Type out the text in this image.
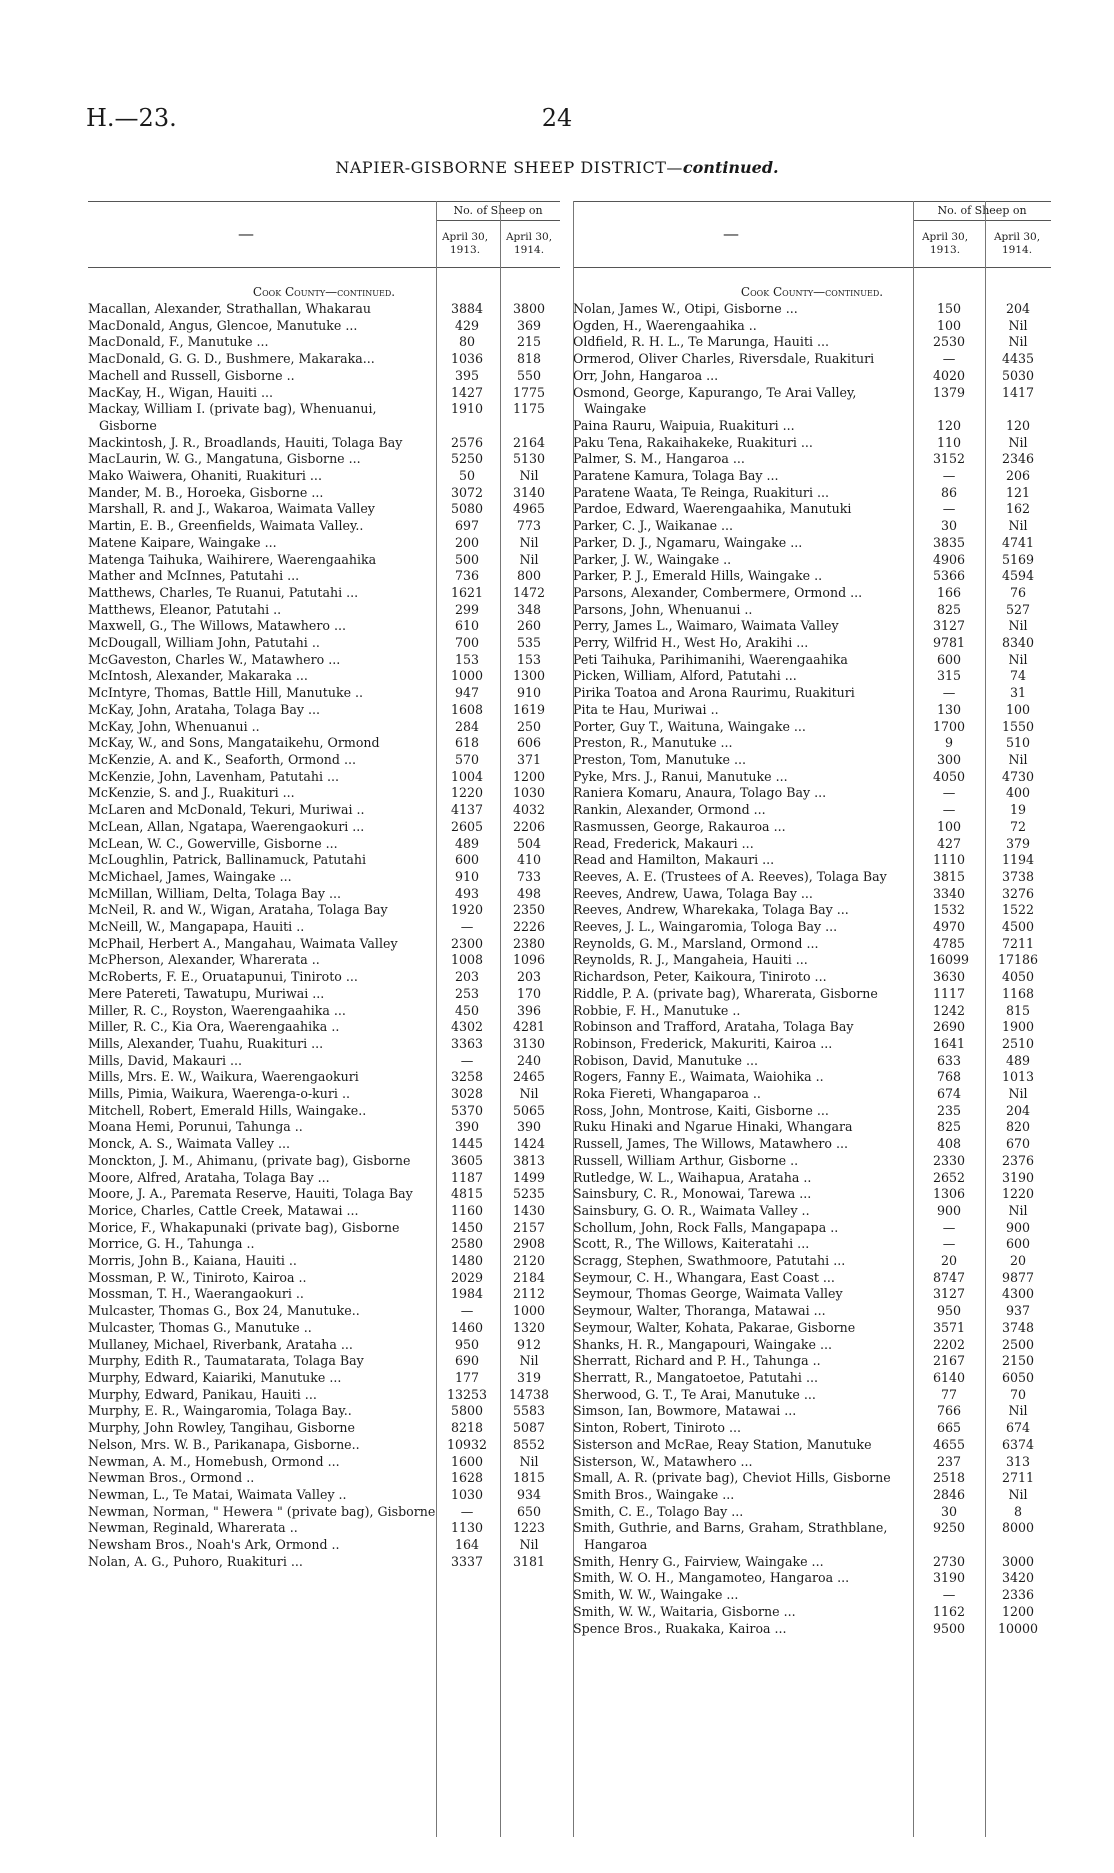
H.—23.	24
NAPIER-GISBORNE SHEEP DISTRICT—continued.
—
No. of Sheep on
April 30, 1913.
April 30, 1914.
Cook County—continued.
Macallan, Alexander, Strathallan, Whakarau	3884	3800
MacDonald, Angus, Glencoe, Manutuke ...	429	369
MacDonald, F., Manutuke ...	80	215
MacDonald, G. G. D., Bushmere, Makaraka...	1036	818
Machell and Russell, Gisborne ..	395	550
MacKay, H., Wigan, Hauiti ...	1427	1775
Mackay, William I. (private bag), Whenuanui, Gisborne
1910	1175
Mackintosh, J. R., Broadlands, Hauiti, Tolaga Bay	2576	2164
MacLaurin, W. G., Mangatuna, Gisborne ...	5250	5130
Mako Waiwera, Ohaniti, Ruakituri ...	50	Nil
Mander, M. B., Horoeka, Gisborne ...	3072	3140
Marshall, R. and J., Wakaroa, Waimata Valley	5080	4965
Martin, E. B., Greenfields, Waimata Valley..	697	773
Matene Kaipare, Waingake ...	200	Nil
Matenga Taihuka, Waihirere, Waerengaahika	500	Nil
Mather and McInnes, Patutahi ...	736	800
Matthews, Charles, Te Ruanui, Patutahi ...	1621	1472
Matthews, Eleanor, Patutahi ..	299	348
Maxwell, G., The Willows, Matawhero ...	610	260
McDougall, William John, Patutahi ..	700	535
McGaveston, Charles W., Matawhero ...	153	153
McIntosh, Alexander, Makaraka ...	1000	1300
McIntyre, Thomas, Battle Hill, Manutuke ..	947	910
McKay, John, Arataha, Tolaga Bay ...	1608	1619
McKay, John, Whenuanui ..	284	250
McKay, W., and Sons, Mangataikehu, Ormond	618	606
McKenzie, A. and K., Seaforth, Ormond ...	570	371
McKenzie, John, Lavenham, Patutahi ...	1004	1200
McKenzie, S. and J., Ruakituri ...	1220	1030
McLaren and McDonald, Tekuri, Muriwai ..	4137	4032
McLean, Allan, Ngatapa, Waerengaokuri ...	2605	2206
McLean, W. C., Gowerville, Gisborne ...	489	504
McLoughlin, Patrick, Ballinamuck, Patutahi	600	410
McMichael, James, Waingake ...	910	733
McMillan, William, Delta, Tolaga Bay ...	493	498
McNeil, R. and W., Wigan, Arataha, Tolaga Bay	1920	2350
McNeill, W., Mangapapa, Hauiti ..	—	2226
McPhail, Herbert A., Mangahau, Waimata Valley	2300	2380
McPherson, Alexander, Wharerata ..	1008	1096
McRoberts, F. E., Oruatapunui, Tiniroto ...	203	203
Mere Patereti, Tawatupu, Muriwai ...	253	170
Miller, R. C., Royston, Waerengaahika ...	450	396
Miller, R. C., Kia Ora, Waerengaahika ..	4302	4281
Mills, Alexander, Tuahu, Ruakituri ...	3363	3130
Mills, David, Makauri ...	—	240
Mills, Mrs. E. W., Waikura, Waerengaokuri	3258	2465
Mills, Pimia, Waikura, Waerenga-o-kuri ..	3028	Nil
Mitchell, Robert, Emerald Hills, Waingake..	5370	5065
Moana Hemi, Porunui, Tahunga ..	390	390
Monck, A. S., Waimata Valley ...	1445	1424
Monckton, J. M., Ahimanu, (private bag), Gisborne	3605	3813
Moore, Alfred, Arataha, Tolaga Bay ...	1187	1499
Moore, J. A., Paremata Reserve, Hauiti, Tolaga Bay	4815	5235
Morice, Charles, Cattle Creek, Matawai ...	1160	1430
Morice, F., Whakapunaki (private bag), Gisborne	1450	2157
Morrice, G. H., Tahunga ..	2580	2908
Morris, John B., Kaiana, Hauiti ..	1480	2120
Mossman, P. W., Tiniroto, Kairoa ..	2029	2184
Mossman, T. H., Waerangaokuri ..	1984	2112
Mulcaster, Thomas G., Box 24, Manutuke..	—	1000
Mulcaster, Thomas G., Manutuke ..	1460	1320
Mullaney, Michael, Riverbank, Arataha ...	950	912
Murphy, Edith R., Taumatarata, Tolaga Bay	690	Nil
Murphy, Edward, Kaiariki, Manutuke ...	177	319
Murphy, Edward, Panikau, Hauiti ...	13253	14738
Murphy, E. R., Waingaromia, Tolaga Bay..	5800	5583
Murphy, John Rowley, Tangihau, Gisborne	8218	5087
Nelson, Mrs. W. B., Parikanapa, Gisborne..	10932	8552
Newman, A. M., Homebush, Ormond ...	1600	Nil
Newman Bros., Ormond ..	1628	1815
Newman, L., Te Matai, Waimata Valley ..	1030	934
Newman, Norman, " Hewera " (private bag), Gisborne	—	650
Newman, Reginald, Wharerata ..	1130	1223
Newsham Bros., Noah's Ark, Ormond ..	164	Nil
Nolan, A. G., Puhoro, Ruakituri ...	3337	3181
—
No. of Sheep on
April 30, 1913.
April 30, 1914.
Cook County—continued.
Nolan, James W., Otipi, Gisborne ...	150	204
Ogden, H., Waerengaahika ..	100	Nil
Oldfield, R. H. L., Te Marunga, Hauiti ...	2530	Nil
Ormerod, Oliver Charles, Riversdale, Ruakituri	—	4435
Orr, John, Hangaroa ...	4020	5030
Osmond, George, Kapurango, Te Arai Valley, Waingake
1379	1417
Paina Rauru, Waipuia, Ruakituri ...	120	120
Paku Tena, Rakaihakeke, Ruakituri ...	110	Nil
Palmer, S. M., Hangaroa ...	3152	2346
Paratene Kamura, Tolaga Bay ...	—	206
Paratene Waata, Te Reinga, Ruakituri ...	86	121
Pardoe, Edward, Waerengaahika, Manutuki	—	162
Parker, C. J., Waikanae ...	30	Nil
Parker, D. J., Ngamaru, Waingake ...	3835	4741
Parker, J. W., Waingake ..	4906	5169
Parker, P. J., Emerald Hills, Waingake ..	5366	4594
Parsons, Alexander, Combermere, Ormond ...	166	76
Parsons, John, Whenuanui ..	825	527
Perry, James L., Waimaro, Waimata Valley	3127	Nil
Perry, Wilfrid H., West Ho, Arakihi ...	9781	8340
Peti Taihuka, Parihimanihi, Waerengaahika	600	Nil
Picken, William, Alford, Patutahi ...	315	74
Pirika Toatoa and Arona Raurimu, Ruakituri	—	31
Pita te Hau, Muriwai ..	130	100
Porter, Guy T., Waituna, Waingake ...	1700	1550
Preston, R., Manutuke ...	9	510
Preston, Tom, Manutuke ...	300	Nil
Pyke, Mrs. J., Ranui, Manutuke ...	4050	4730
Raniera Komaru, Anaura, Tolago Bay ...	—	400
Rankin, Alexander, Ormond ...	—	19
Rasmussen, George, Rakauroa ...	100	72
Read, Frederick, Makauri ...	427	379
Read and Hamilton, Makauri ...	1110	1194
Reeves, A. E. (Trustees of A. Reeves), Tolaga Bay	3815	3738
Reeves, Andrew, Uawa, Tolaga Bay ...	3340	3276
Reeves, Andrew, Wharekaka, Tolaga Bay ...	1532	1522
Reeves, J. L., Waingaromia, Tologa Bay ...	4970	4500
Reynolds, G. M., Marsland, Ormond ...	4785	7211
Reynolds, R. J., Mangaheia, Hauiti ...	16099	17186
Richardson, Peter, Kaikoura, Tiniroto ...	3630	4050
Riddle, P. A. (private bag), Wharerata, Gisborne	1117	1168
Robbie, F. H., Manutuke ..	1242	815
Robinson and Trafford, Arataha, Tolaga Bay	2690	1900
Robinson, Frederick, Makuriti, Kairoa ...	1641	2510
Robison, David, Manutuke ...	633	489
Rogers, Fanny E., Waimata, Waiohika ..	768	1013
Roka Fiereti, Whangaparoa ..	674	Nil
Ross, John, Montrose, Kaiti, Gisborne ...	235	204
Ruku Hinaki and Ngarue Hinaki, Whangara	825	820
Russell, James, The Willows, Matawhero ...	408	670
Russell, William Arthur, Gisborne ..	2330	2376
Rutledge, W. L., Waihapua, Arataha ..	2652	3190
Sainsbury, C. R., Monowai, Tarewa ...	1306	1220
Sainsbury, G. O. R., Waimata Valley ..	900	Nil
Schollum, John, Rock Falls, Mangapapa ..	—	900
Scott, R., The Willows, Kaiteratahi ...	—	600
Scragg, Stephen, Swathmoore, Patutahi ...	20	20
Seymour, C. H., Whangara, East Coast ...	8747	9877
Seymour, Thomas George, Waimata Valley	3127	4300
Seymour, Walter, Thoranga, Matawai ...	950	937
Seymour, Walter, Kohata, Pakarae, Gisborne	3571	3748
Shanks, H. R., Mangapouri, Waingake ...	2202	2500
Sherratt, Richard and P. H., Tahunga ..	2167	2150
Sherratt, R., Mangatoetoe, Patutahi ...	6140	6050
Sherwood, G. T., Te Arai, Manutuke ...	77	70
Simson, Ian, Bowmore, Matawai ...	766	Nil
Sinton, Robert, Tiniroto ...	665	674
Sisterson and McRae, Reay Station, Manutuke	4655	6374
Sisterson, W., Matawhero ...	237	313
Small, A. R. (private bag), Cheviot Hills, Gisborne	2518	2711
Smith Bros., Waingake ...	2846	Nil
Smith, C. E., Tolago Bay ...	30	8
Smith, Guthrie, and Barns, Graham, Strathblane, Hangaroa
9250	8000
Smith, Henry G., Fairview, Waingake ...	2730	3000
Smith, W. O. H., Mangamoteo, Hangaroa ...	3190	3420
Smith, W. W., Waingake ...	—	2336
Smith, W. W., Waitaria, Gisborne ...	1162	1200
Spence Bros., Ruakaka, Kairoa ...	9500	10000
